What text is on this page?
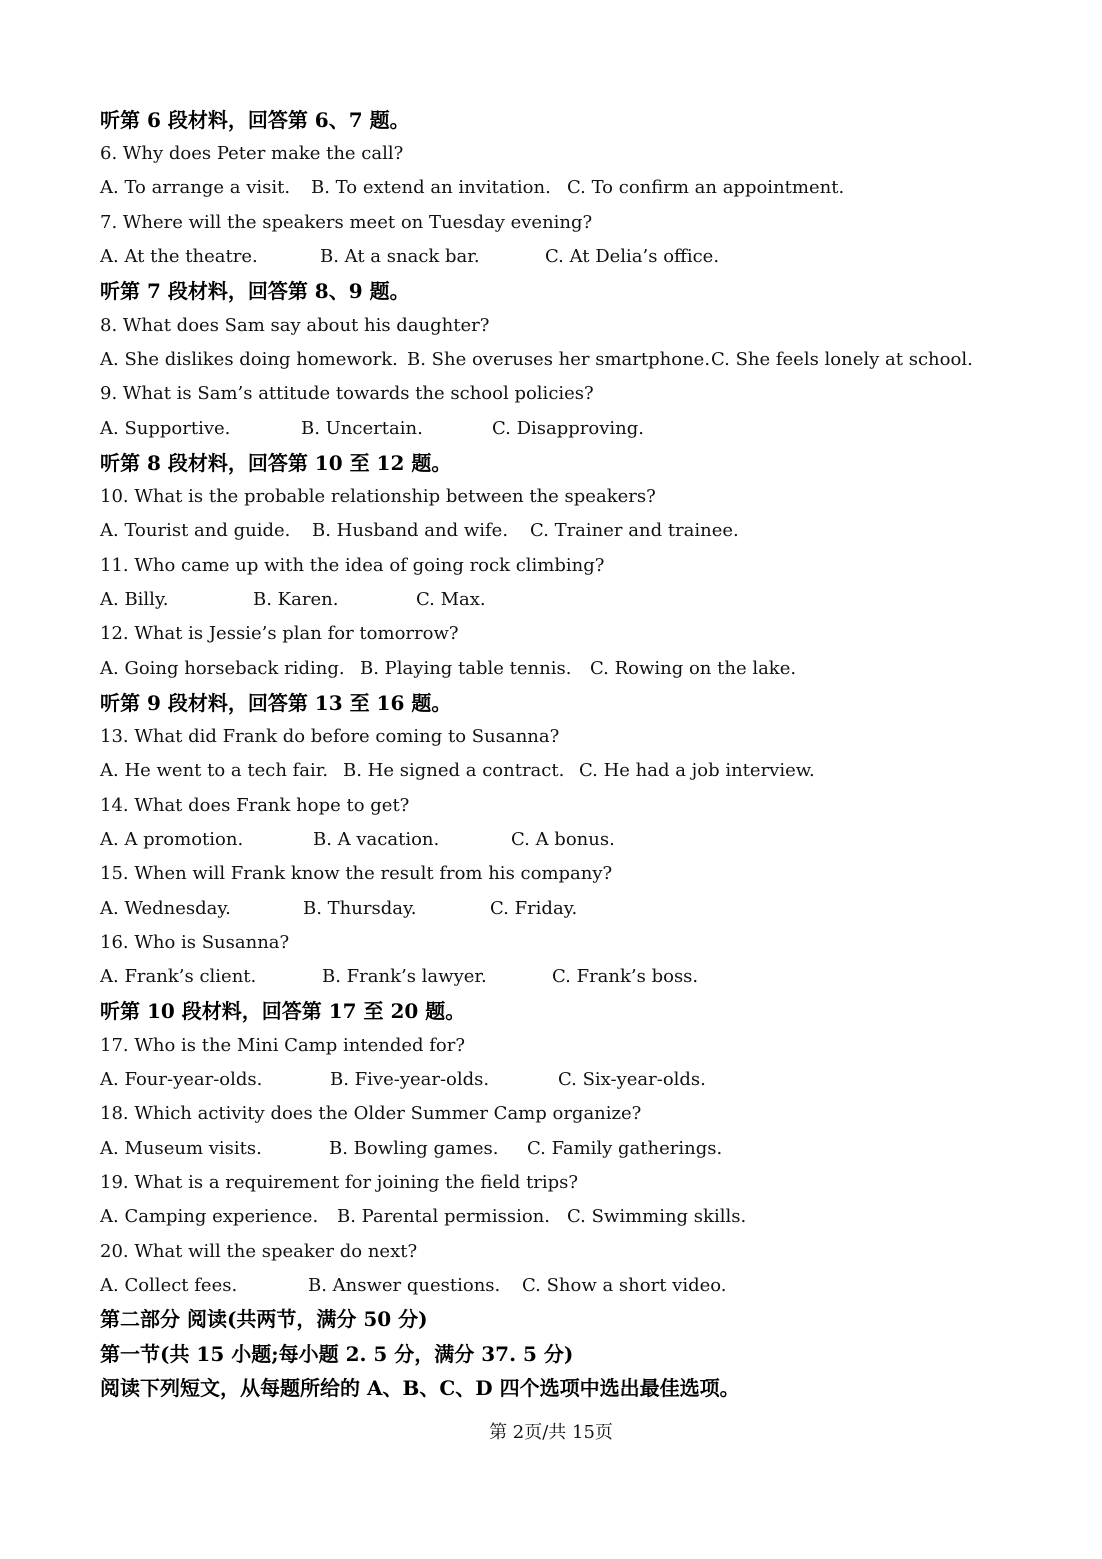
听第 6 段材料，回答第 6、7 题。
6. Why does Peter make the call?
A. To arrange a visit. B. To extend an invitation. C. To confirm an appointment.
7. Where will the speakers meet on Tuesday evening?
A. At the theatre.	B. At a snack bar.	C. At Delia’s office.
听第 7 段材料，回答第 8、9 题。
8. What does Sam say about his daughter?
A. She dislikes doing homework. B. She overuses her smartphone. C. She feels lonely at school.
9. What is Sam’s attitude towards the school policies?
A. Supportive.	B. Uncertain.	C. Disapproving.
听第 8 段材料，回答第 10 至 12 题。
10. What is the probable relationship between the speakers?
A. Tourist and guide. B. Husband and wife. C. Trainer and trainee.
11. Who came up with the idea of going rock climbing?
A. Billy.	B. Karen.	C. Max.
12. What is Jessie’s plan for tomorrow?
A. Going horseback riding. B. Playing table tennis. C. Rowing on the lake.
听第 9 段材料，回答第 13 至 16 题。
13. What did Frank do before coming to Susanna?
A. He went to a tech fair. B. He signed a contract. C. He had a job interview.
14. What does Frank hope to get?
A. A promotion.	B. A vacation.	C. A bonus.
15. When will Frank know the result from his company?
A. Wednesday.	B. Thursday.	C. Friday.
16. Who is Susanna?
A. Frank’s client.	B. Frank’s lawyer.	C. Frank’s boss.
听第 10 段材料，回答第 17 至 20 题。
17. Who is the Mini Camp intended for?
A. Four-year-olds.	B. Five-year-olds.	C. Six-year-olds.
18. Which activity does the Older Summer Camp organize?
A. Museum visits.	B. Bowling games. C. Family gatherings.
19. What is a requirement for joining the field trips?
A. Camping experience. B. Parental permission. C. Swimming skills.
20. What will the speaker do next?
A. Collect fees.	B. Answer questions. C. Show a short video.
第二部分 阅读(共两节，满分 50 分)
第一节(共 15 小题;每小题 2. 5 分，满分 37. 5 分)
阅读下列短文，从每题所给的 A、B、C、D 四个选项中选出最佳选项。
第 2页/共 15页
